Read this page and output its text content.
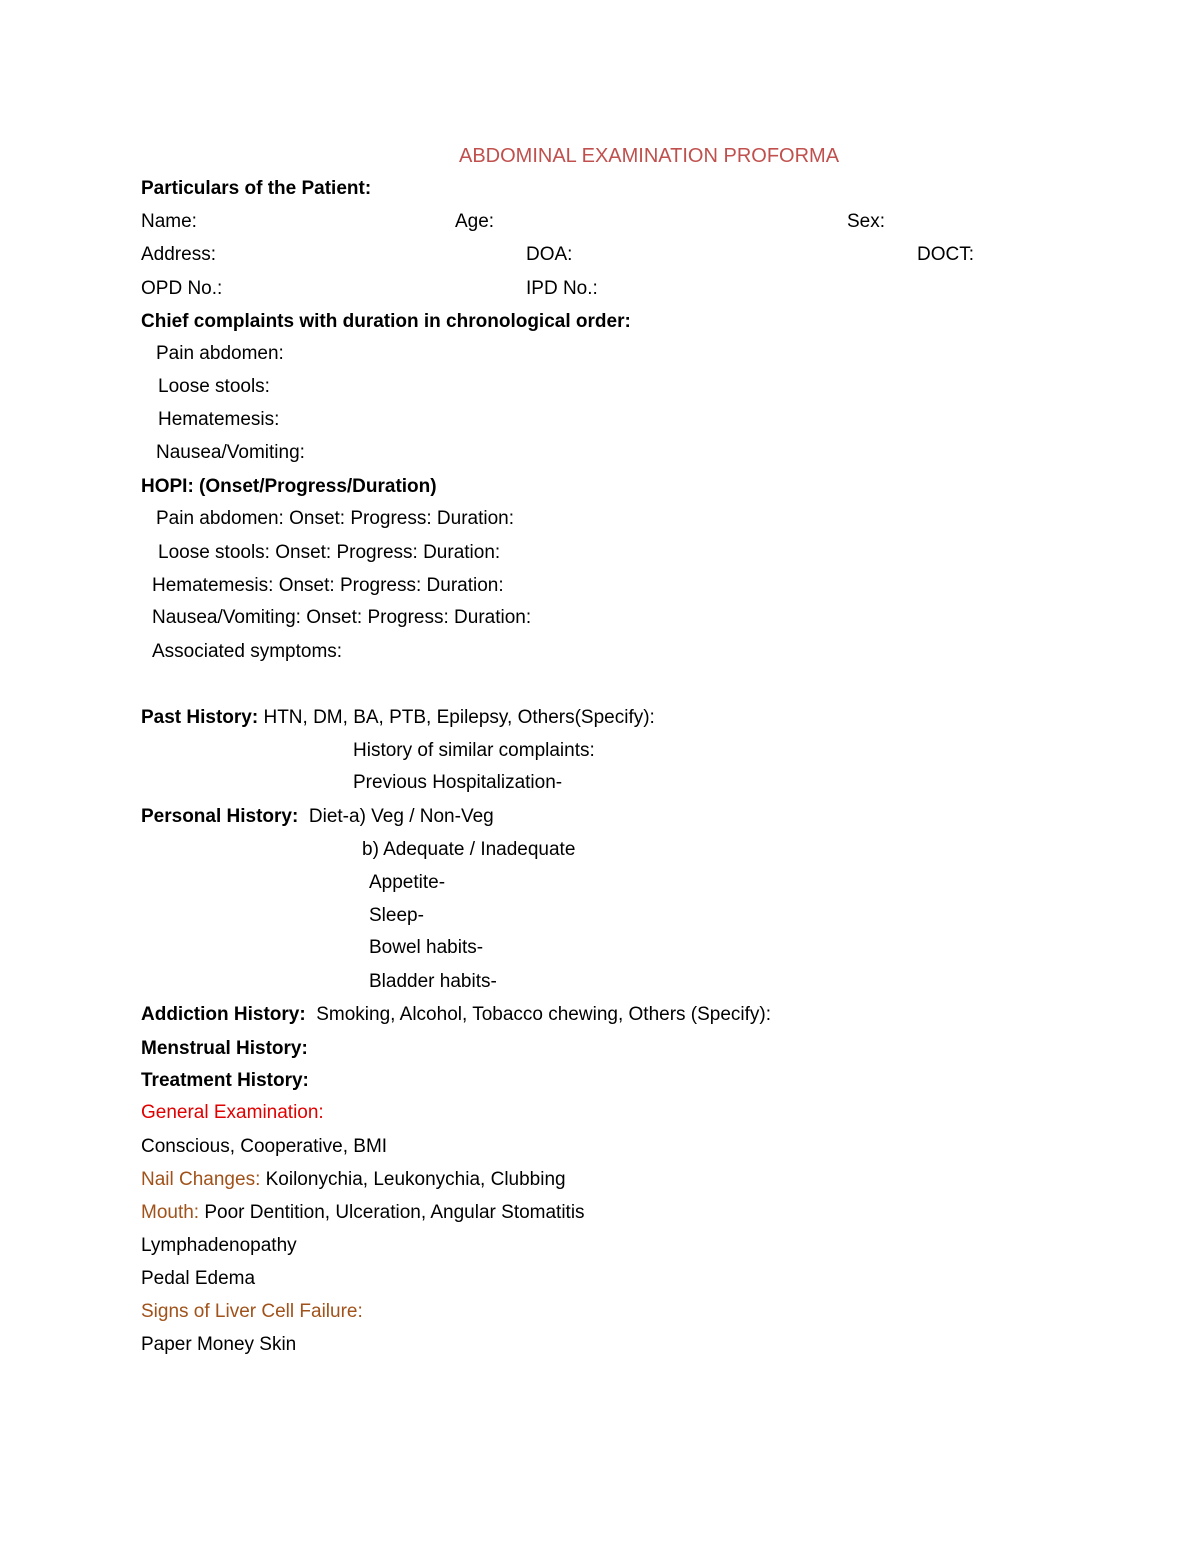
ABDOMINAL EXAMINATION PROFORMA
Particulars of the Patient:
Name:	Age:	Sex:
Address:	DOA:	DOCT:
OPD No.:	IPD No.:
Chief complaints with duration in chronological order:
Pain abdomen:
Loose stools:
Hematemesis:
Nausea/Vomiting:
HOPI: (Onset/Progress/Duration)
Pain abdomen: Onset: Progress: Duration:
Loose stools: Onset: Progress: Duration:
Hematemesis: Onset: Progress: Duration:
Nausea/Vomiting: Onset: Progress: Duration:
Associated symptoms:
Past History: HTN, DM, BA, PTB, Epilepsy, Others(Specify):
History of similar complaints:
Previous Hospitalization-
Personal History:  Diet-a) Veg / Non-Veg
b) Adequate / Inadequate
Appetite-
Sleep-
Bowel habits-
Bladder habits-
Addiction History:  Smoking, Alcohol, Tobacco chewing, Others (Specify):
Menstrual History:
Treatment History:
General Examination:
Conscious, Cooperative, BMI
Nail Changes: Koilonychia, Leukonychia, Clubbing
Mouth: Poor Dentition, Ulceration, Angular Stomatitis
Lymphadenopathy
Pedal Edema
Signs of Liver Cell Failure:
Paper Money Skin
